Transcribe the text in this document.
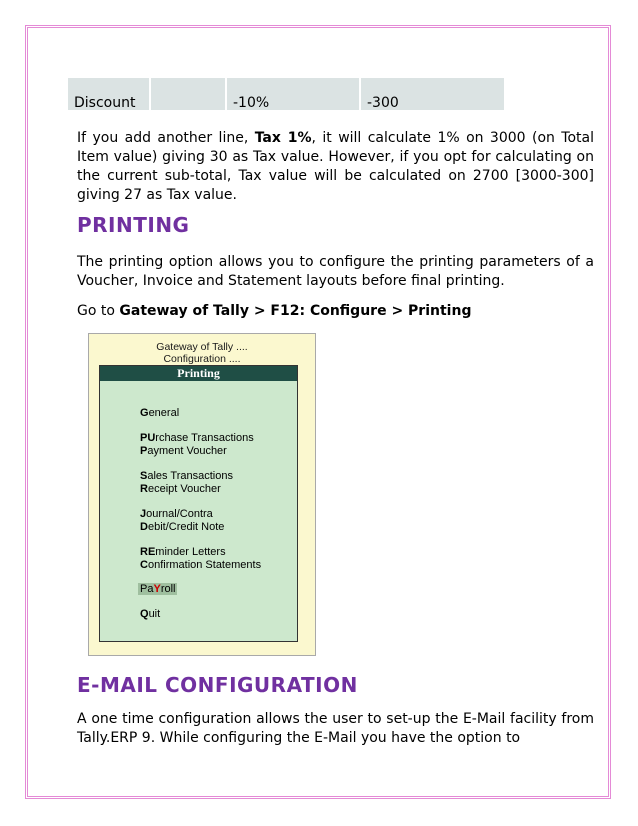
Discount	-10%	-300

If you add another line, Tax 1%, it will calculate 1% on 3000 (on Total Item value) giving 30 as Tax value. However, if you opt for calculating on the current sub-total, Tax value will be calculated on 2700 [3000-300] giving 27 as Tax value.

PRINTING

The printing option allows you to configure the printing parameters of a Voucher, Invoice and Statement layouts before final printing.

Go to Gateway of Tally > F12: Configure > Printing

Gateway of Tally ....
Configuration ....
Printing
General
PUrchase Transactions
Payment Voucher
Sales Transactions
Receipt Voucher
Journal/Contra
Debit/Credit Note
REminder Letters
Confirmation Statements
PaYroll
Quit
E-MAIL CONFIGURATION

A one time configuration allows the user to set-up the E-Mail facility from Tally.ERP 9. While configuring the E-Mail you have the option to
